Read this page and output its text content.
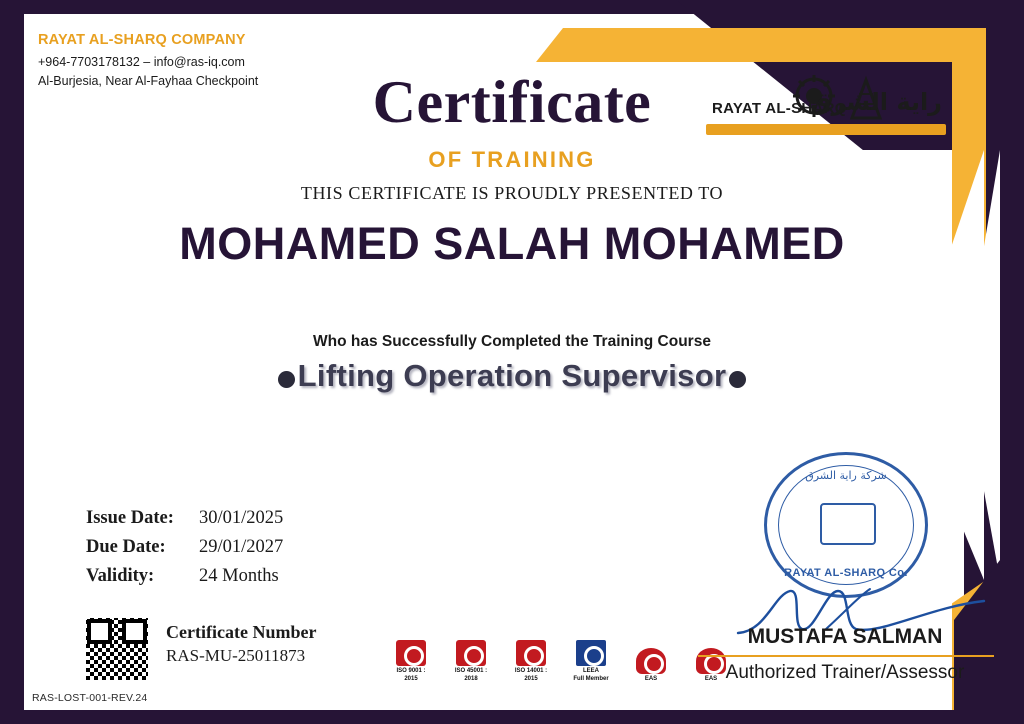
RAYAT AL-SHARQ COMPANY
+964-7703178132 – info@ras-iq.com
Al-Burjesia, Near Al-Fayhaa Checkpoint
RAYAT AL-SHARQ
راية الشرق
Certificate
OF TRAINING
THIS CERTIFICATE IS PROUDLY PRESENTED TO
MOHAMED SALAH MOHAMED
Who has Successfully Completed the Training Course
Lifting Operation Supervisor
Issue Date:	30/01/2025
Due Date:	29/01/2027
Validity:	24 Months
Certificate Number
RAS-MU-25011873
RAS-LOST-001-REV.24
ISO 9001 :
2015
ISO 45001 :
2018
ISO 14001 :
2015
LEEA
Full Member	EAS	EAS
شركة راية الشرق
RAYAT AL-SHARQ Co.
MUSTAFA SALMAN
Authorized Trainer/Assessor
